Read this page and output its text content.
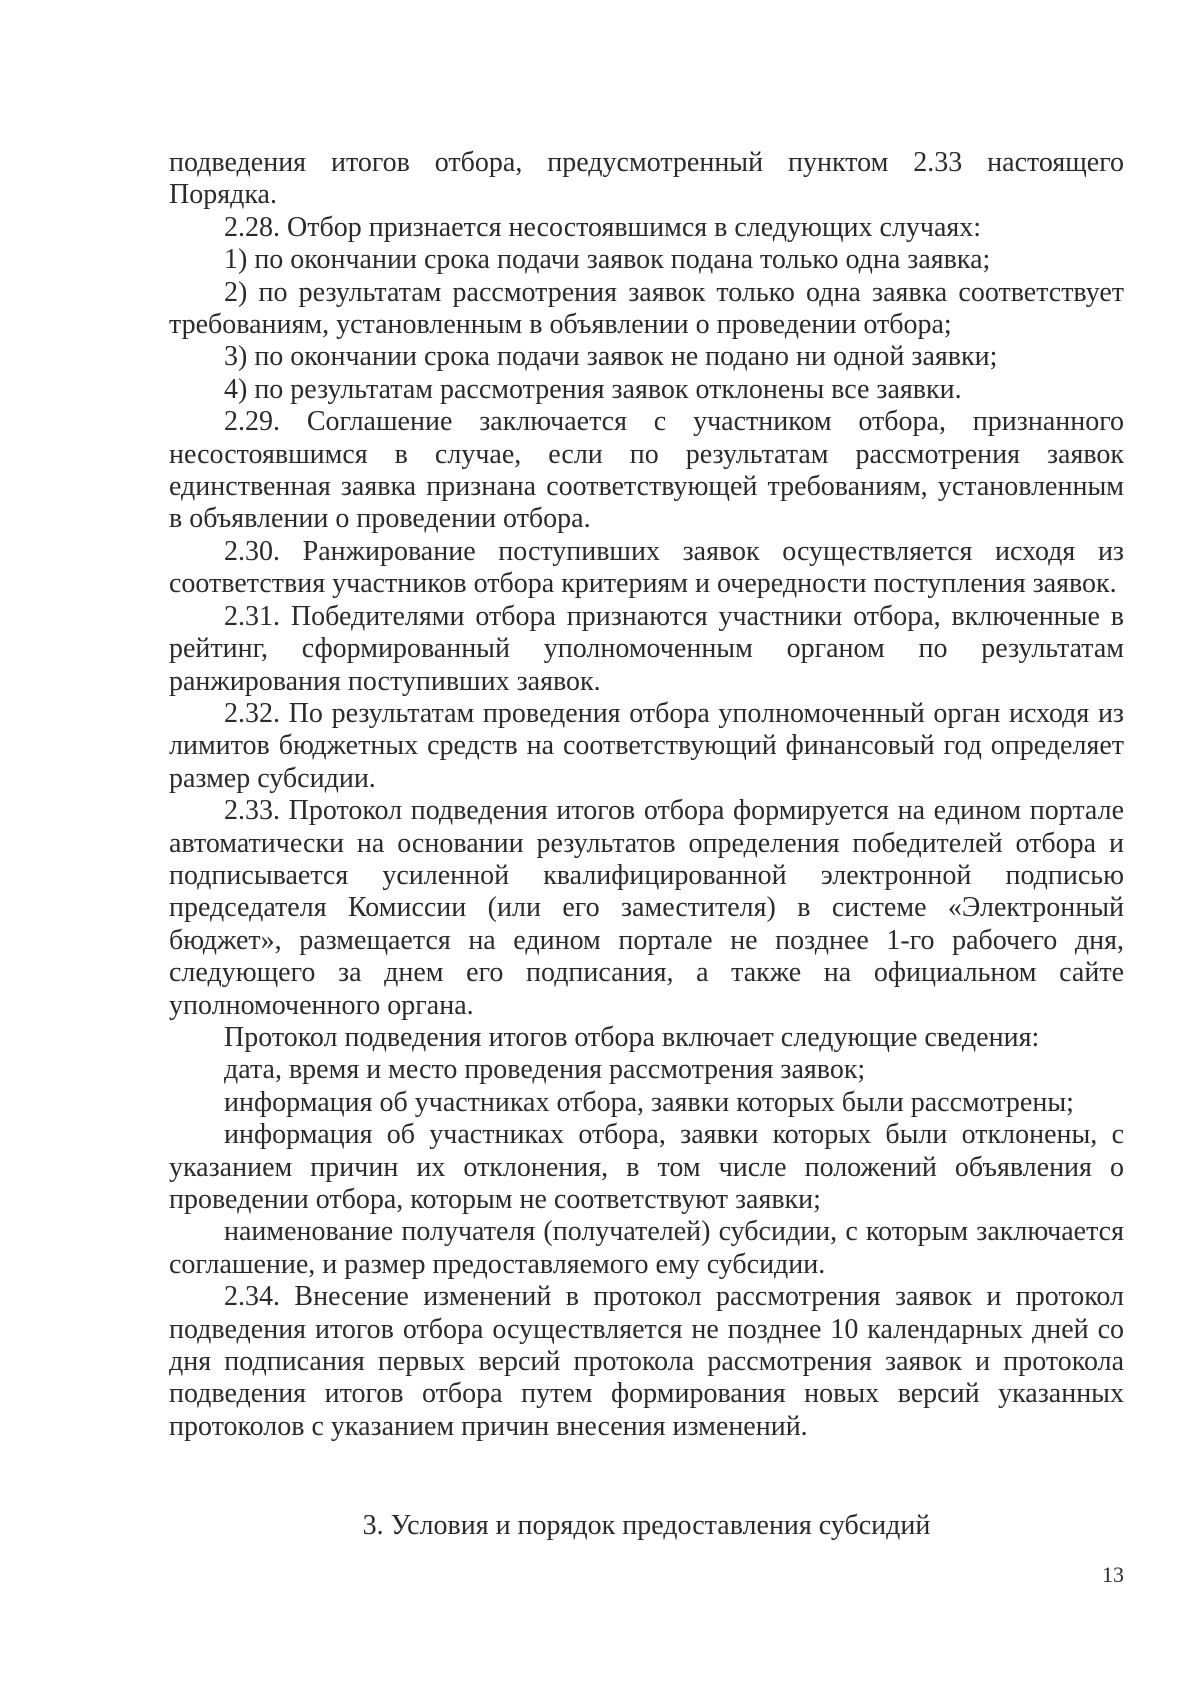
подведения итогов отбора, предусмотренный пунктом 2.33 настоящего Порядка.

2.28. Отбор признается несостоявшимся в следующих случаях:

1) по окончании срока подачи заявок подана только одна заявка;

2) по результатам рассмотрения заявок только одна заявка соответствует требованиям, установленным в объявлении о проведении отбора;

3) по окончании срока подачи заявок не подано ни одной заявки;

4) по результатам рассмотрения заявок отклонены все заявки.

2.29. Соглашение заключается с участником отбора, признанного несостоявшимся в случае, если по результатам рассмотрения заявок единственная заявка признана соответствующей требованиям, установленным в объявлении о проведении отбора.

2.30. Ранжирование поступивших заявок осуществляется исходя из соответствия участников отбора критериям и очередности поступления заявок.

2.31. Победителями отбора признаются участники отбора, включенные в рейтинг, сформированный уполномоченным органом по результатам ранжирования поступивших заявок.

2.32. По результатам проведения отбора уполномоченный орган исходя из лимитов бюджетных средств на соответствующий финансовый год определяет размер субсидии.

2.33. Протокол подведения итогов отбора формируется на едином портале автоматически на основании результатов определения победителей отбора и подписывается усиленной квалифицированной электронной подписью председателя Комиссии (или его заместителя) в системе «Электронный бюджет», размещается на едином портале не позднее 1-го рабочего дня, следующего за днем его подписания, а также на официальном сайте уполномоченного органа.

Протокол подведения итогов отбора включает следующие сведения:

дата, время и место проведения рассмотрения заявок;

информация об участниках отбора, заявки которых были рассмотрены;

информация об участниках отбора, заявки которых были отклонены, с указанием причин их отклонения, в том числе положений объявления о проведении отбора, которым не соответствуют заявки;

наименование получателя (получателей) субсидии, с которым заключается соглашение, и размер предоставляемого ему субсидии.

2.34. Внесение изменений в протокол рассмотрения заявок и протокол подведения итогов отбора осуществляется не позднее 10 календарных дней со дня подписания первых версий протокола рассмотрения заявок и протокола подведения итогов отбора путем формирования новых версий указанных протоколов с указанием причин внесения изменений.

3. Условия и порядок предоставления субсидий
13
